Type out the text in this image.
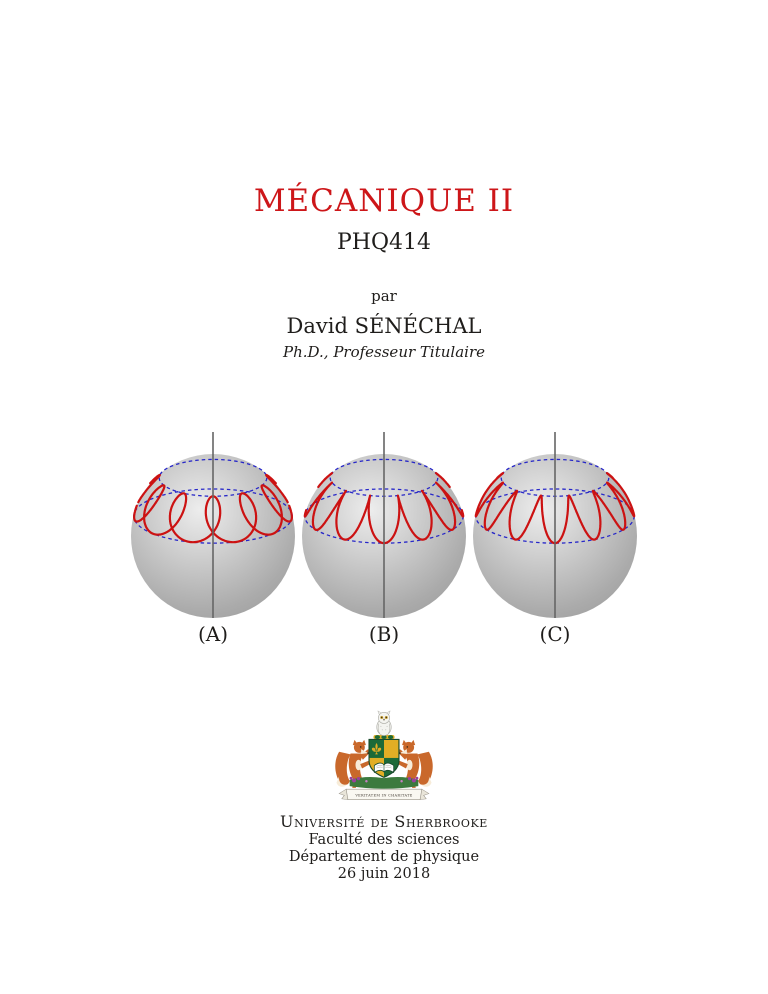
MÉCANIQUE II
PHQ414
par
David SÉNÉCHAL
Ph.D., Professeur Titulaire
(A)	(B)	(C)
VERITATEM IN CHARITATE
Université de Sherbrooke
Faculté des sciences
Département de physique
26 juin 2018
